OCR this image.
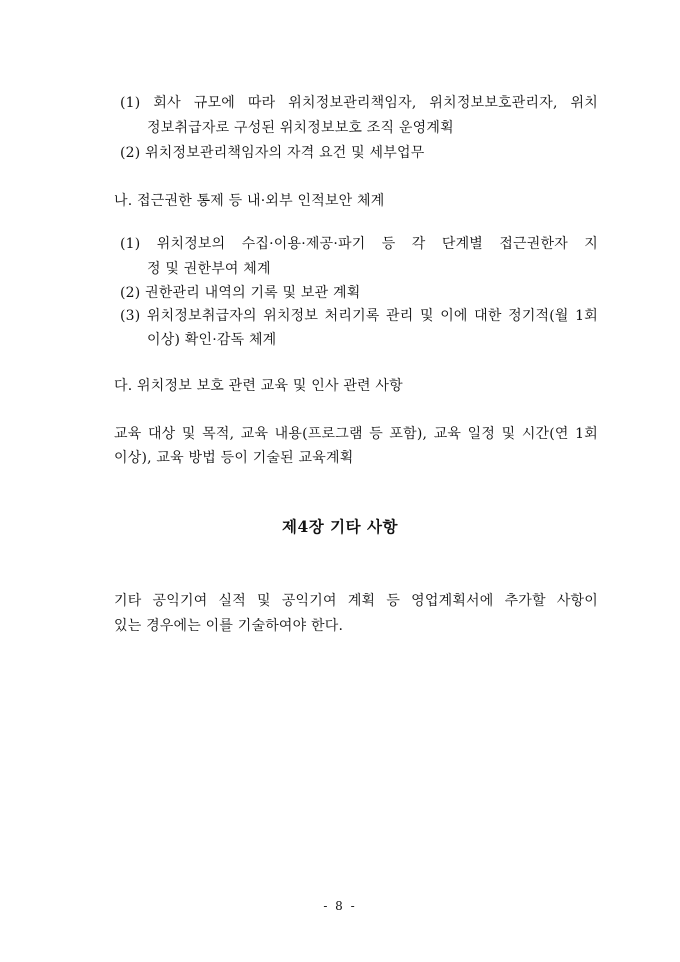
(1) 회사 규모에 따라 위치정보관리책임자, 위치정보보호관리자, 위치
정보취급자로 구성된 위치정보보호 조직 운영계획
(2) 위치정보관리책임자의 자격 요건 및 세부업무
나. 접근권한 통제 등 내·외부 인적보안 체계
(1) 위치정보의 수집·이용·제공·파기 등 각 단계별 접근권한자 지
정 및 권한부여 체계
(2) 권한관리 내역의 기록 및 보관 계획
(3) 위치정보취급자의 위치정보 처리기록 관리 및 이에 대한 정기적(월 1회
이상) 확인·감독 체계
다. 위치정보 보호 관련 교육 및 인사 관련 사항
교육 대상 및 목적, 교육 내용(프로그램 등 포함), 교육 일정 및 시간(연 1회
이상), 교육 방법 등이 기술된 교육계획
제4장 기타 사항
기타 공익기여 실적 및 공익기여 계획 등 영업계획서에 추가할 사항이
있는 경우에는 이를 기술하여야 한다.
- 8 -
